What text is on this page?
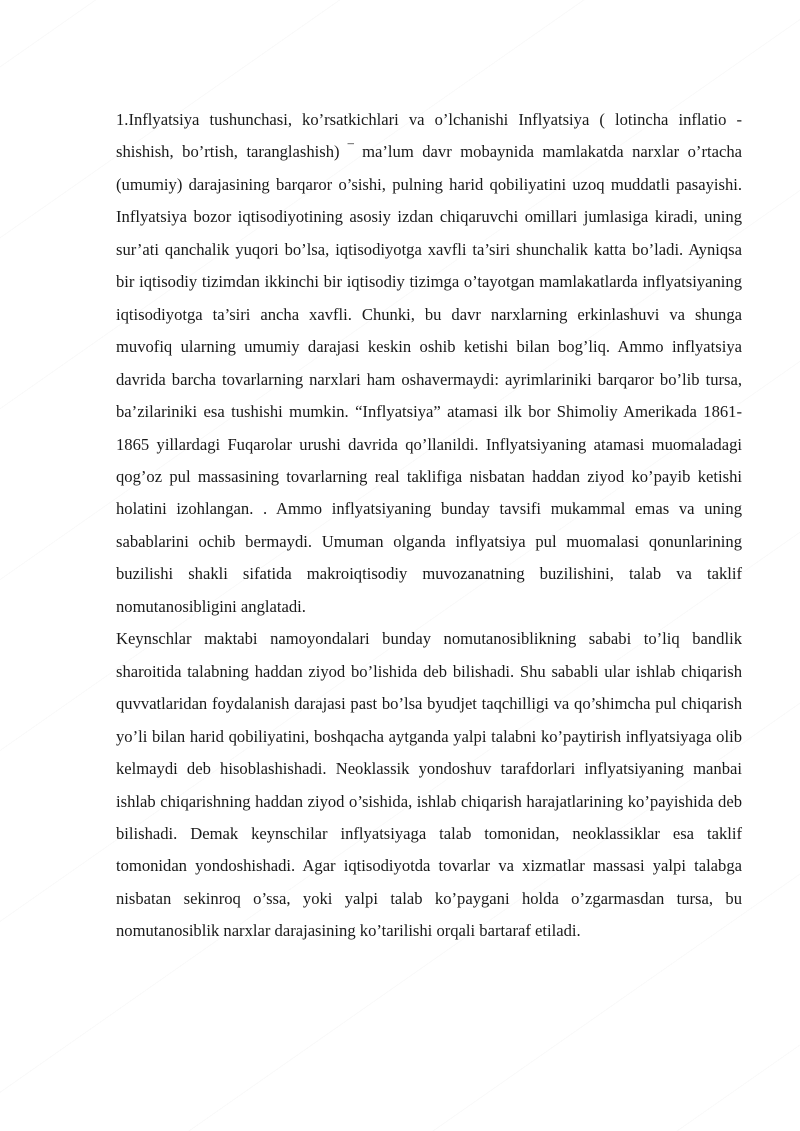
1.Inflyatsiya tushunchasi, ko’rsatkichlari va o’lchanishi Inflyatsiya ( lotincha inflatio - shishish, bo’rtish, taranglashish) ‾ ma’lum davr mobaynida mamlakatda narxlar o’rtacha (umumiy) darajasining barqaror o’sishi, pulning harid qobiliyatini uzoq muddatli pasayishi. Inflyatsiya bozor iqtisodiyotining asosiy izdan chiqaruvchi omillari jumlasiga kiradi, uning sur’ati qanchalik yuqori bo’lsa, iqtisodiyotga xavfli ta’siri shunchalik katta bo’ladi. Ayniqsa bir iqtisodiy tizimdan ikkinchi bir iqtisodiy tizimga o’tayotgan mamlakatlarda inflyatsiyaning iqtisodiyotga ta’siri ancha xavfli. Chunki, bu davr narxlarning erkinlashuvi va shunga muvofiq ularning umumiy darajasi keskin oshib ketishi bilan bog’liq. Ammo inflyatsiya davrida barcha tovarlarning narxlari ham oshavermaydi: ayrimlariniki barqaror bo’lib tursa, ba’zilariniki esa tushishi mumkin. “Inflyatsiya” atamasi ilk bor Shimoliy Amerikada 1861-1865 yillardagi Fuqarolar urushi davrida qo’llanildi. Inflyatsiyaning atamasi muomaladagi qog’oz pul massasining tovarlarning real taklifiga nisbatan haddan ziyod ko’payib ketishi holatini izohlangan. . Ammo inflyatsiyaning bunday tavsifi mukammal emas va uning sabablarini ochib bermaydi. Umuman olganda inflyatsiya pul muomalasi qonunlarining buzilishi shakli sifatida makroiqtisodiy muvozanatning buzilishini, talab va taklif nomutanosibligini anglatadi.

Keynschlar maktabi namoyondalari bunday nomutanosiblikning sababi to’liq bandlik sharoitida talabning haddan ziyod bo’lishida deb bilishadi. Shu sababli ular ishlab chiqarish quvvatlaridan foydalanish darajasi past bo’lsa byudjet taqchilligi va qo’shimcha pul chiqarish yo’li bilan harid qobiliyatini, boshqacha aytganda yalpi talabni ko’paytirish inflyatsiyaga olib kelmaydi deb hisoblashishadi. Neoklassik yondoshuv tarafdorlari inflyatsiyaning manbai ishlab chiqarishning haddan ziyod o’sishida, ishlab chiqarish harajatlarining ko’payishida deb bilishadi. Demak keynschilar inflyatsiyaga talab tomonidan, neoklassiklar esa taklif tomonidan yondoshishadi. Agar iqtisodiyotda tovarlar va xizmatlar massasi yalpi talabga nisbatan sekinroq o’ssa, yoki yalpi talab ko’paygani holda o’zgarmasdan tursa, bu nomutanosiblik narxlar darajasining ko’tarilishi orqali bartaraf etiladi.
